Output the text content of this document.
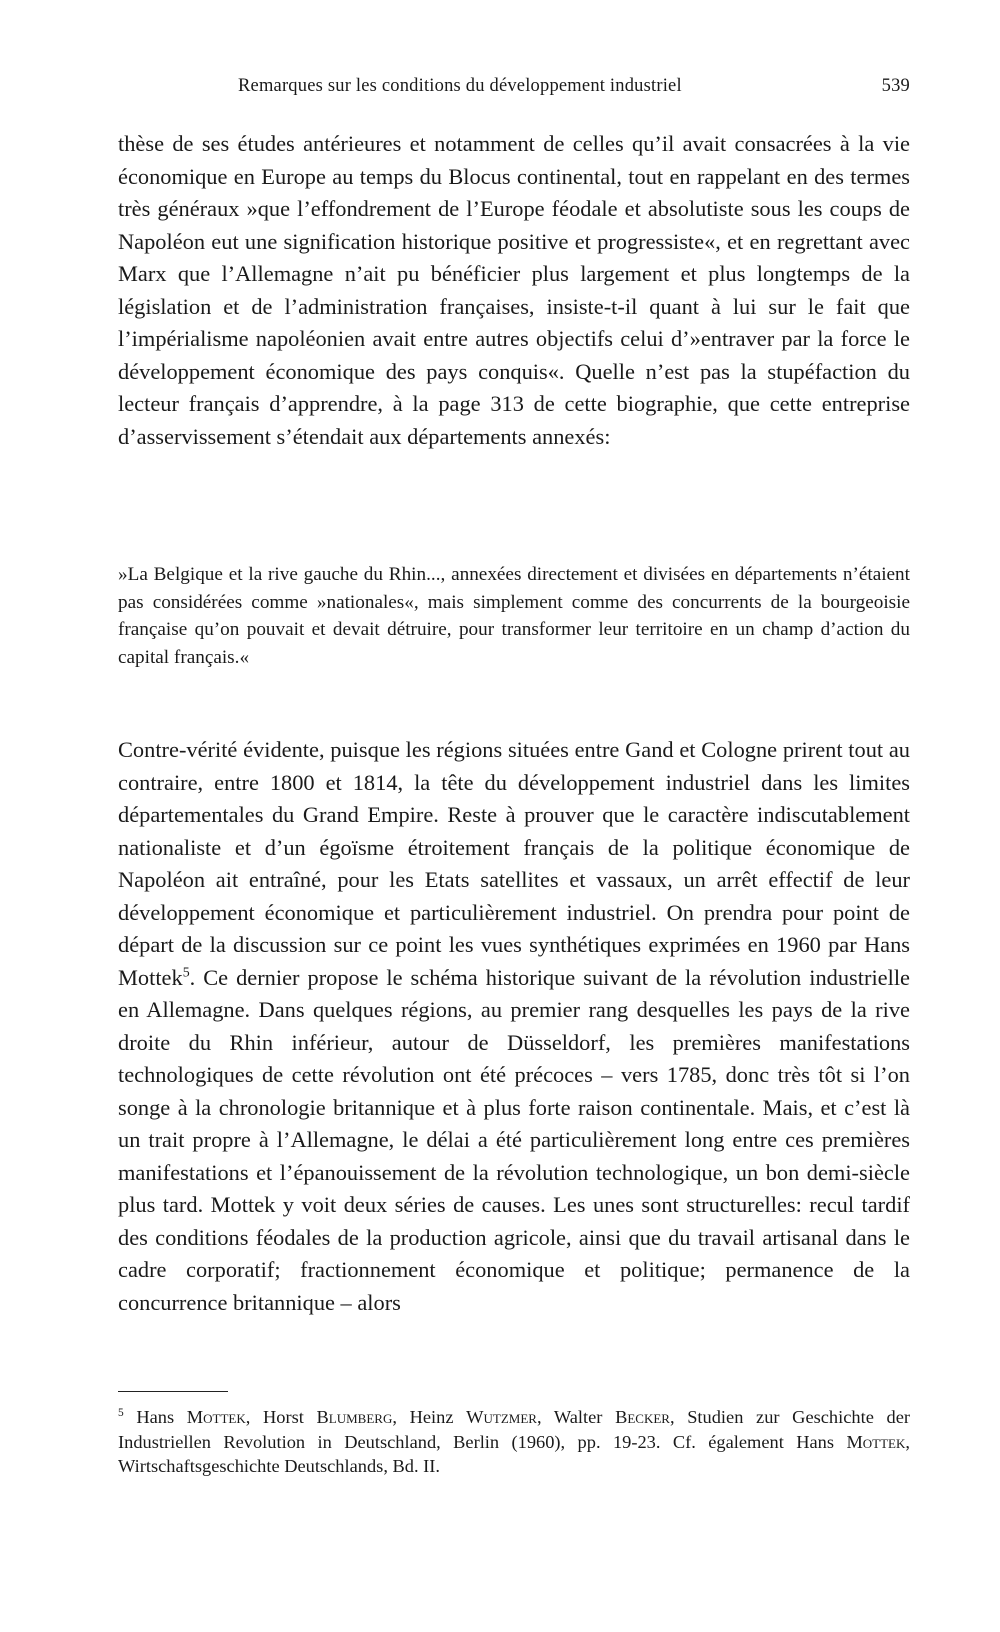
Remarques sur les conditions du développement industriel	539

thèse de ses études antérieures et notamment de celles qu’il avait consacrées à la vie économique en Europe au temps du Blocus continental, tout en rappelant en des termes très généraux »que l’effondrement de l’Europe féodale et absolutiste sous les coups de Napoléon eut une signification historique positive et progressiste«, et en regrettant avec Marx que l’Allemagne n’ait pu bénéficier plus largement et plus longtemps de la législation et de l’administration françaises, insiste-t-il quant à lui sur le fait que l’impérialisme napoléonien avait entre autres objectifs celui d’»entraver par la force le développement économique des pays conquis«. Quelle n’est pas la stupéfaction du lecteur français d’apprendre, à la page 313 de cette biographie, que cette entreprise d’asservissement s’étendait aux départements annexés:

»La Belgique et la rive gauche du Rhin..., annexées directement et divisées en départements n’étaient pas considérées comme »nationales«, mais simplement comme des concurrents de la bourgeoisie française qu’on pouvait et devait détruire, pour transformer leur territoire en un champ d’action du capital français.«

Contre-vérité évidente, puisque les régions situées entre Gand et Cologne prirent tout au contraire, entre 1800 et 1814, la tête du développement industriel dans les limites départementales du Grand Empire. Reste à prouver que le caractère indiscutablement nationaliste et d’un égoïsme étroitement français de la politique économique de Napoléon ait entraîné, pour les Etats satellites et vassaux, un arrêt effectif de leur développement économique et particulièrement industriel. On prendra pour point de départ de la discussion sur ce point les vues synthétiques exprimées en 1960 par Hans Mottek$^5$. Ce dernier propose le schéma historique suivant de la révolution industrielle en Allemagne. Dans quelques régions, au premier rang desquelles les pays de la rive droite du Rhin inférieur, autour de Düsseldorf, les premières manifestations technologiques de cette révolution ont été précoces – vers 1785, donc très tôt si l’on songe à la chronologie britannique et à plus forte raison continentale. Mais, et c’est là un trait propre à l’Allemagne, le délai a été particulièrement long entre ces premières manifestations et l’épanouissement de la révolution technologique, un bon demi-siècle plus tard. Mottek y voit deux séries de causes. Les unes sont structurelles: recul tardif des conditions féodales de la production agricole, ainsi que du travail artisanal dans le cadre corporatif; fractionnement économique et politique; permanence de la concurrence britannique – alors

$^5$ Hans Mottek, Horst Blumberg, Heinz Wutzmer, Walter Becker, Studien zur Geschichte der Industriellen Revolution in Deutschland, Berlin (1960), pp. 19-23. Cf. également Hans Mottek, Wirtschaftsgeschichte Deutschlands, Bd. II.
